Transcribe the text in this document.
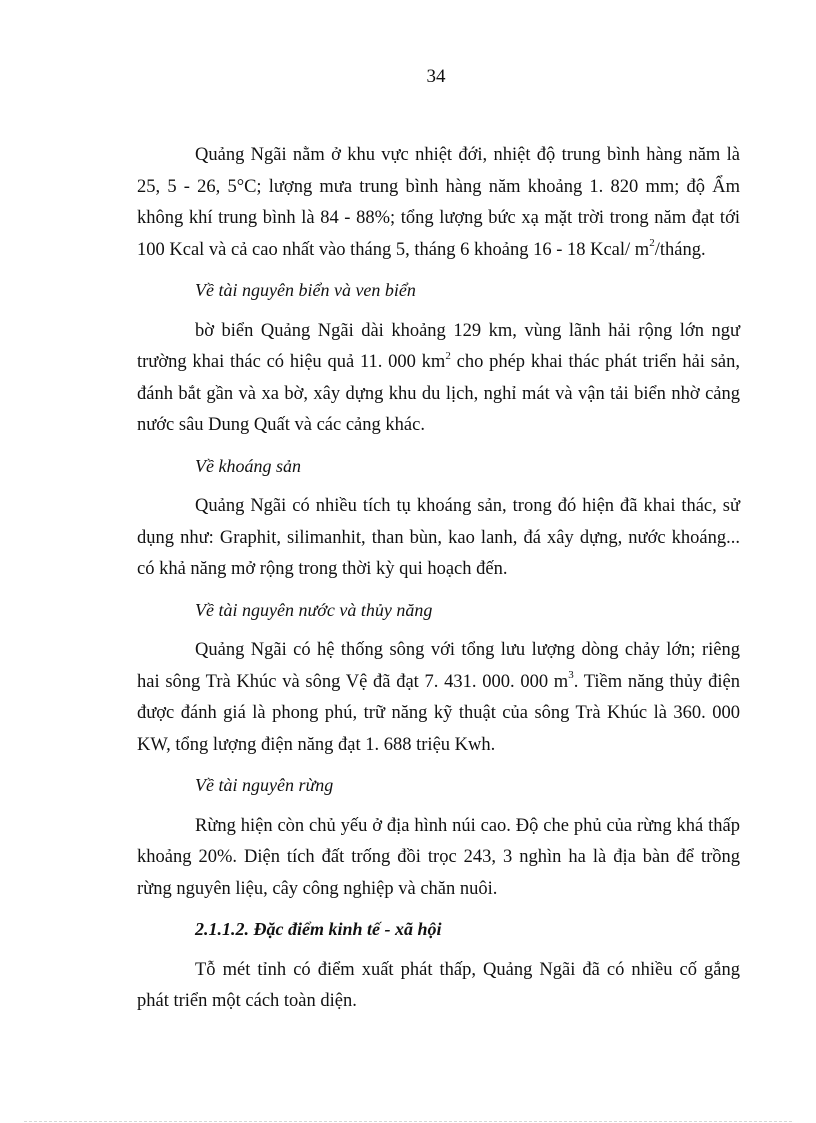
34

Quảng Ngãi nằm ở khu vực nhiệt đới, nhiệt độ trung bình hàng năm là 25, 5 - 26, 5°C; lượng mưa trung bình hàng năm khoảng 1. 820 mm; độ Ẩm không khí trung bình là 84 - 88%; tổng lượng bức xạ mặt trời trong năm đạt tới 100 Kcal và cả cao nhất vào tháng 5, tháng 6 khoảng 16 - 18 Kcal/ $m^2$/tháng.

Về tài nguyên biển và ven biển

bờ biển Quảng Ngãi dài khoảng 129 km, vùng lãnh hải rộng lớn ngư trường khai thác có hiệu quả 11. 000 $km^2$ cho phép khai thác phát triển hải sản, đánh bắt gần và xa bờ, xây dựng khu du lịch, nghỉ mát và vận tải biển nhờ cảng nước sâu Dung Quất và các cảng khác.

Về khoáng sản

Quảng Ngãi có nhiều tích tụ khoáng sản, trong đó hiện đã khai thác, sử dụng như: Graphit, silimanhit, than bùn, kao lanh, đá xây dựng, nước khoáng... có khả năng mở rộng trong thời kỳ qui hoạch đến.

Về tài nguyên nước và thủy năng

Quảng Ngãi có hệ thống sông với tổng lưu lượng dòng chảy lớn; riêng hai sông Trà Khúc và sông Vệ đã đạt 7. 431. 000. 000 $m^3$. Tiềm năng thủy điện được đánh giá là phong phú, trữ năng kỹ thuật của sông Trà Khúc là 360. 000 KW, tổng lượng điện năng đạt 1. 688 triệu Kwh.

Về tài nguyên rừng

Rừng hiện còn chủ yếu ở địa hình núi cao. Độ che phủ của rừng khá thấp khoảng 20%. Diện tích đất trống đồi trọc 243, 3 nghìn ha là địa bàn để trồng rừng nguyên liệu, cây công nghiệp và chăn nuôi.

2.1.1.2. Đặc điểm kinh tế - xã hội

Tỗ mét tỉnh có điểm xuất phát thấp, Quảng Ngãi đã có nhiều cố gắng phát triển một cách toàn diện.
